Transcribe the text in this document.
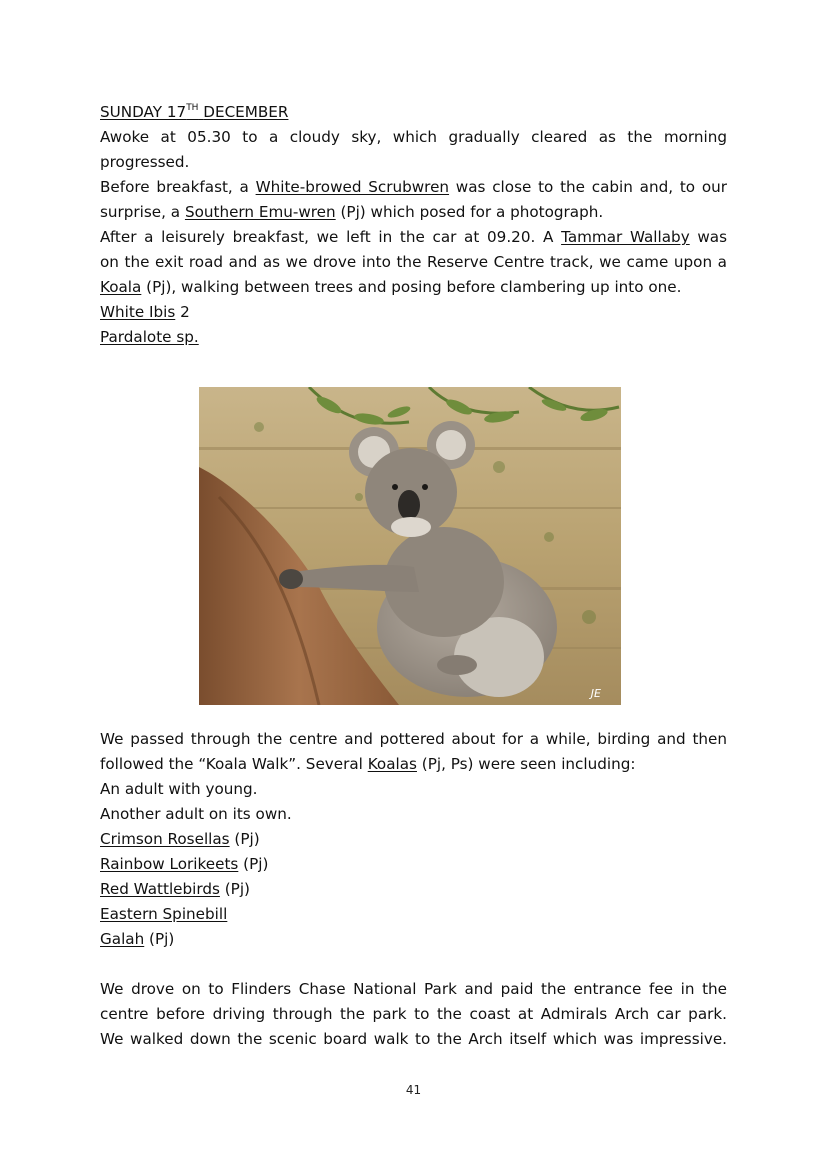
SUNDAY 17TH DECEMBER
Awoke at 05.30 to a cloudy sky, which gradually cleared as the morning
progressed.
Before breakfast, a White-browed Scrubwren was close to the cabin and, to our
surprise, a Southern Emu-wren (Pj) which posed for a photograph.
After a leisurely breakfast, we left in the car at 09.20. A Tammar Wallaby was
on the exit road and as we drove into the Reserve Centre track, we came upon a
Koala (Pj), walking between trees and posing before clambering up into one.
White Ibis 2
Pardalote sp.
JE
We passed through the centre and pottered about for a while, birding and then
followed the “Koala Walk”. Several Koalas (Pj, Ps) were seen including:
An adult with young.
Another adult on its own.
Crimson Rosellas (Pj)
Rainbow Lorikeets (Pj)
Red Wattlebirds (Pj)
Eastern Spinebill
Galah (Pj)
We drove on to Flinders Chase National Park and paid the entrance fee in the
centre before driving through the park to the coast at Admirals Arch car park.
We walked down the scenic board walk to the Arch itself which was impressive.
41
